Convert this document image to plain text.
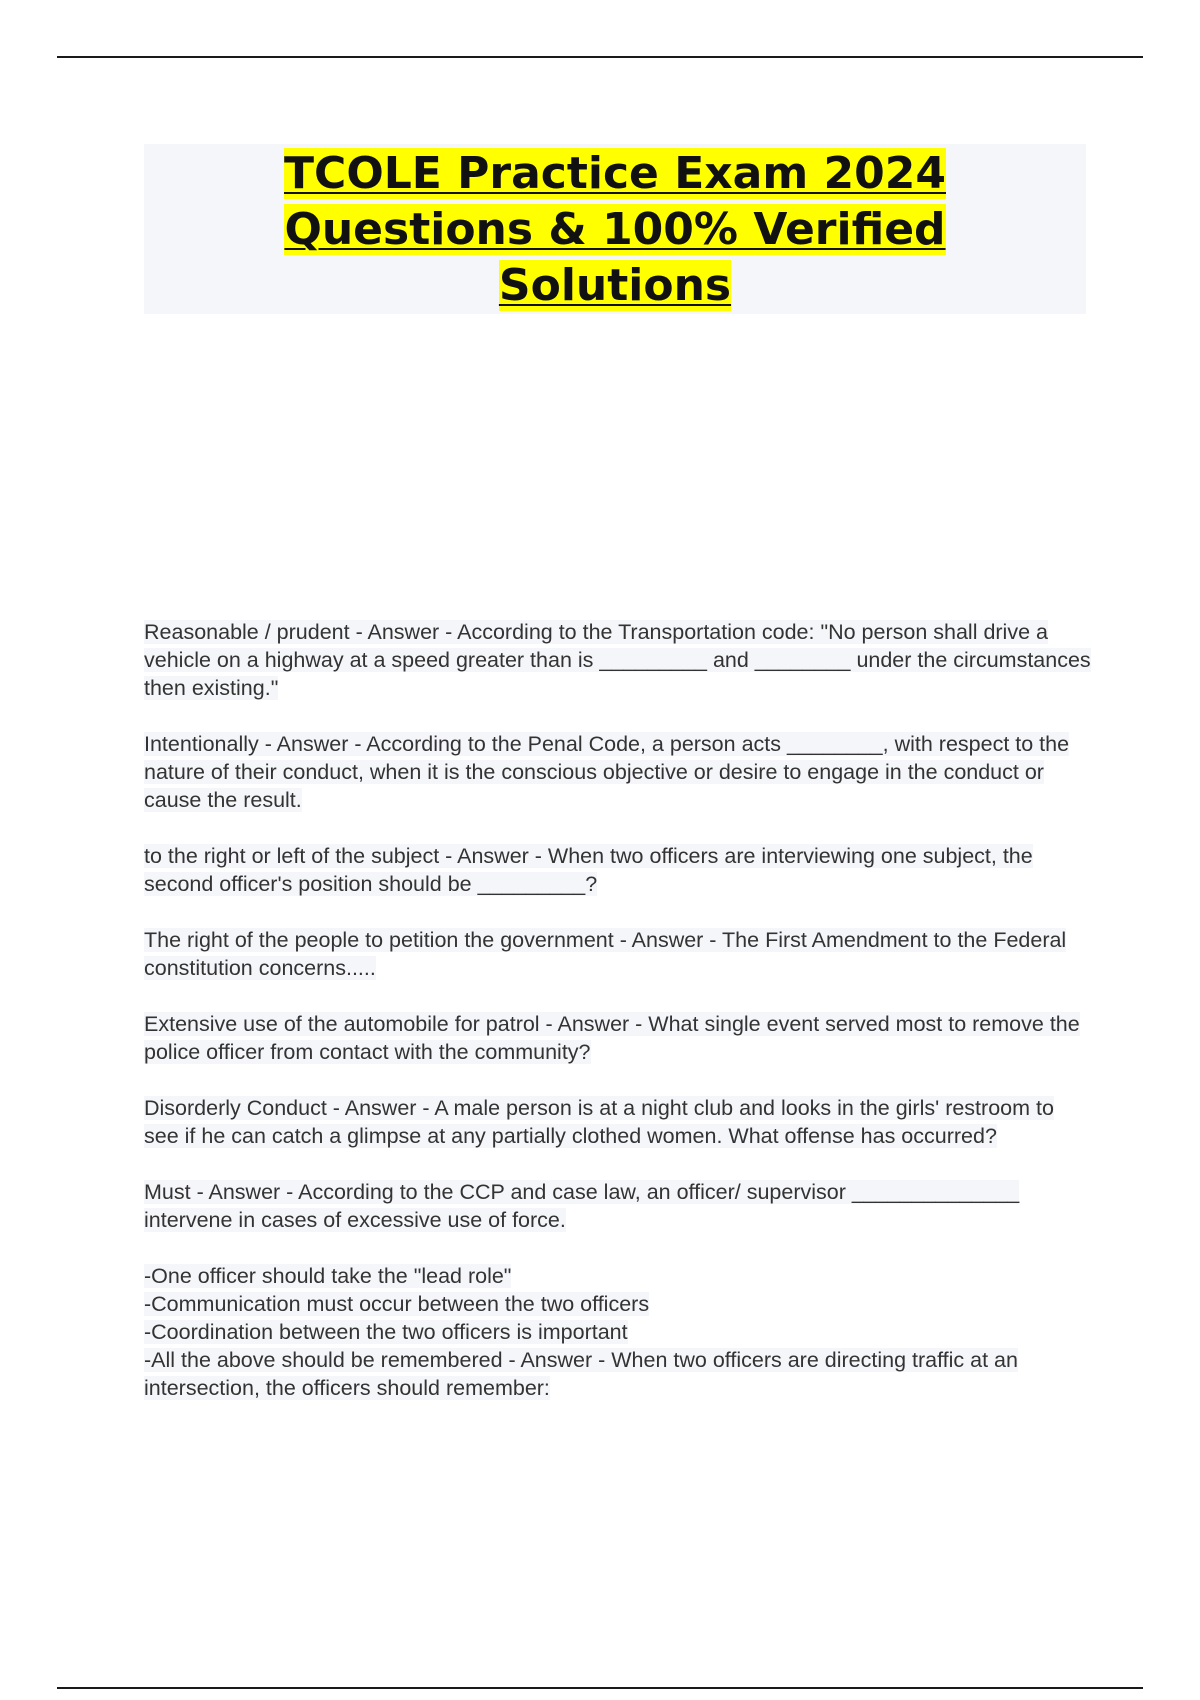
TCOLE Practice Exam 2024 Questions & 100% Verified Solutions

Reasonable / prudent - Answer - According to the Transportation code: "No person shall drive a vehicle on a highway at a speed greater than is _________ and ________ under the circumstances then existing."

Intentionally - Answer - According to the Penal Code, a person acts ________, with respect to the nature of their conduct, when it is the conscious objective or desire to engage in the conduct or cause the result.

to the right or left of the subject - Answer - When two officers are interviewing one subject, the second officer's position should be _________?

The right of the people to petition the government - Answer - The First Amendment to the Federal constitution concerns.....

Extensive use of the automobile for patrol - Answer - What single event served most to remove the police officer from contact with the community?

Disorderly Conduct - Answer - A male person is at a night club and looks in the girls' restroom to see if he can catch a glimpse at any partially clothed women. What offense has occurred?

Must - Answer - According to the CCP and case law, an officer/ supervisor ______________ intervene in cases of excessive use of force.

-One officer should take the "lead role"
-Communication must occur between the two officers
-Coordination between the two officers is important
-All the above should be remembered - Answer - When two officers are directing traffic at an intersection, the officers should remember:
